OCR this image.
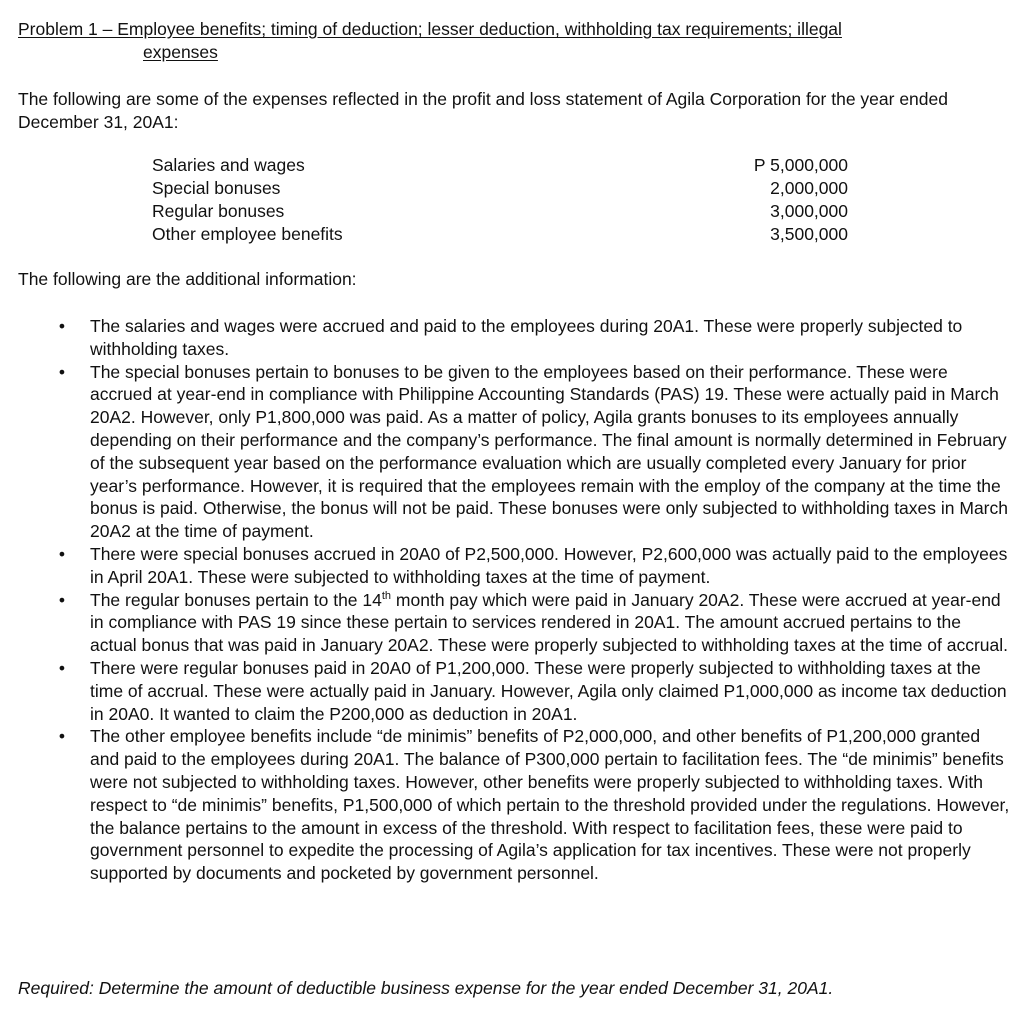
Problem 1 – Employee benefits; timing of deduction; lesser deduction, withholding tax requirements; illegal
expenses
The following are some of the expenses reflected in the profit and loss statement of Agila Corporation for the year ended December 31, 20A1:
Salaries and wages	P 5,000,000
Special bonuses	2,000,000
Regular bonuses	3,000,000
Other employee benefits	3,500,000
The following are the additional information:
•	The salaries and wages were accrued and paid to the employees during 20A1. These were properly subjected to withholding taxes.
•	The special bonuses pertain to bonuses to be given to the employees based on their performance. These were accrued at year-end in compliance with Philippine Accounting Standards (PAS) 19. These were actually paid in March 20A2. However, only P1,800,000 was paid. As a matter of policy, Agila grants bonuses to its employees annually depending on their performance and the company’s performance. The final amount is normally determined in February of the subsequent year based on the performance evaluation which are usually completed every January for prior year’s performance. However, it is required that the employees remain with the employ of the company at the time the bonus is paid. Otherwise, the bonus will not be paid. These bonuses were only subjected to withholding taxes in March 20A2 at the time of payment.
•	There were special bonuses accrued in 20A0 of P2,500,000. However, P2,600,000 was actually paid to the employees in April 20A1. These were subjected to withholding taxes at the time of payment.
•	The regular bonuses pertain to the 14th month pay which were paid in January 20A2. These were accrued at year-end in compliance with PAS 19 since these pertain to services rendered in 20A1. The amount accrued pertains to the actual bonus that was paid in January 20A2. These were properly subjected to withholding taxes at the time of accrual.
•	There were regular bonuses paid in 20A0 of P1,200,000. These were properly subjected to withholding taxes at the time of accrual. These were actually paid in January. However, Agila only claimed P1,000,000 as income tax deduction in 20A0. It wanted to claim the P200,000 as deduction in 20A1.
•	The other employee benefits include “de minimis” benefits of P2,000,000, and other benefits of P1,200,000 granted and paid to the employees during 20A1. The balance of P300,000 pertain to facilitation fees. The “de minimis” benefits were not subjected to withholding taxes. However, other benefits were properly subjected to withholding taxes. With respect to “de minimis” benefits, P1,500,000 of which pertain to the threshold provided under the regulations. However, the balance pertains to the amount in excess of the threshold. With respect to facilitation fees, these were paid to government personnel to expedite the processing of Agila’s application for tax incentives. These were not properly supported by documents and pocketed by government personnel.
Required: Determine the amount of deductible business expense for the year ended December 31, 20A1.
